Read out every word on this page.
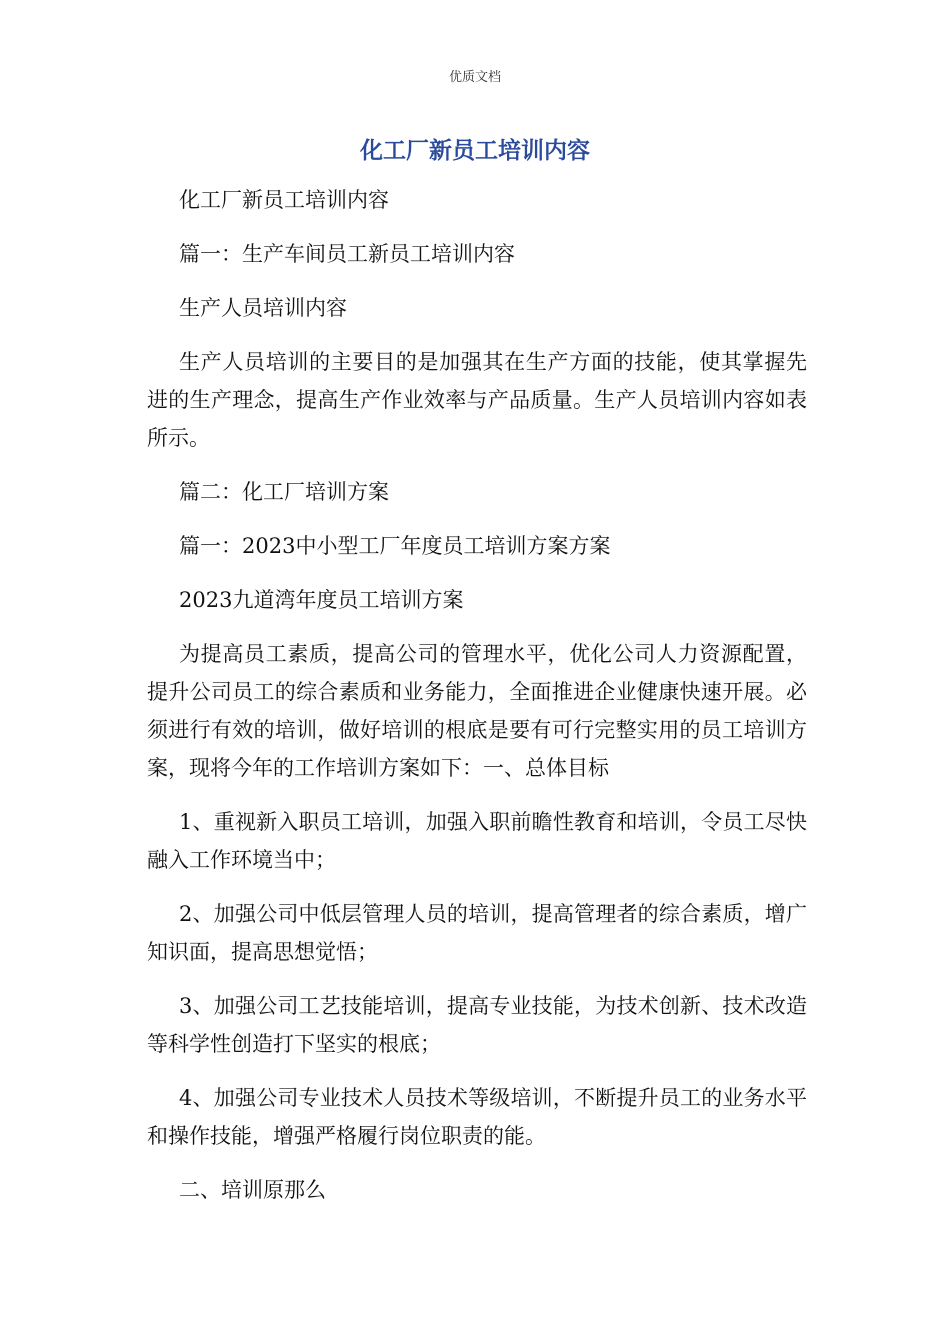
优质文档
化工厂新员工培训内容

化工厂新员工培训内容

篇一：生产车间员工新员工培训内容

生产人员培训内容

生产人员培训的主要目的是加强其在生产方面的技能，使其掌握先进的生产理念，提高生产作业效率与产品质量。生产人员培训内容如表所示。

篇二：化工厂培训方案

篇一：2023中小型工厂年度员工培训方案方案

2023九道湾年度员工培训方案

为提高员工素质，提高公司的管理水平，优化公司人力资源配置，提升公司员工的综合素质和业务能力，全面推进企业健康快速开展。必须进行有效的培训，做好培训的根底是要有可行完整实用的员工培训方案，现将今年的工作培训方案如下：一、总体目标

1、重视新入职员工培训，加强入职前瞻性教育和培训，令员工尽快融入工作环境当中；

2、加强公司中低层管理人员的培训，提高管理者的综合素质，增广知识面，提高思想觉悟；

3、加强公司工艺技能培训，提高专业技能，为技术创新、技术改造等科学性创造打下坚实的根底；

4、加强公司专业技术人员技术等级培训，不断提升员工的业务水平和操作技能，增强严格履行岗位职责的能。

二、培训原那么
